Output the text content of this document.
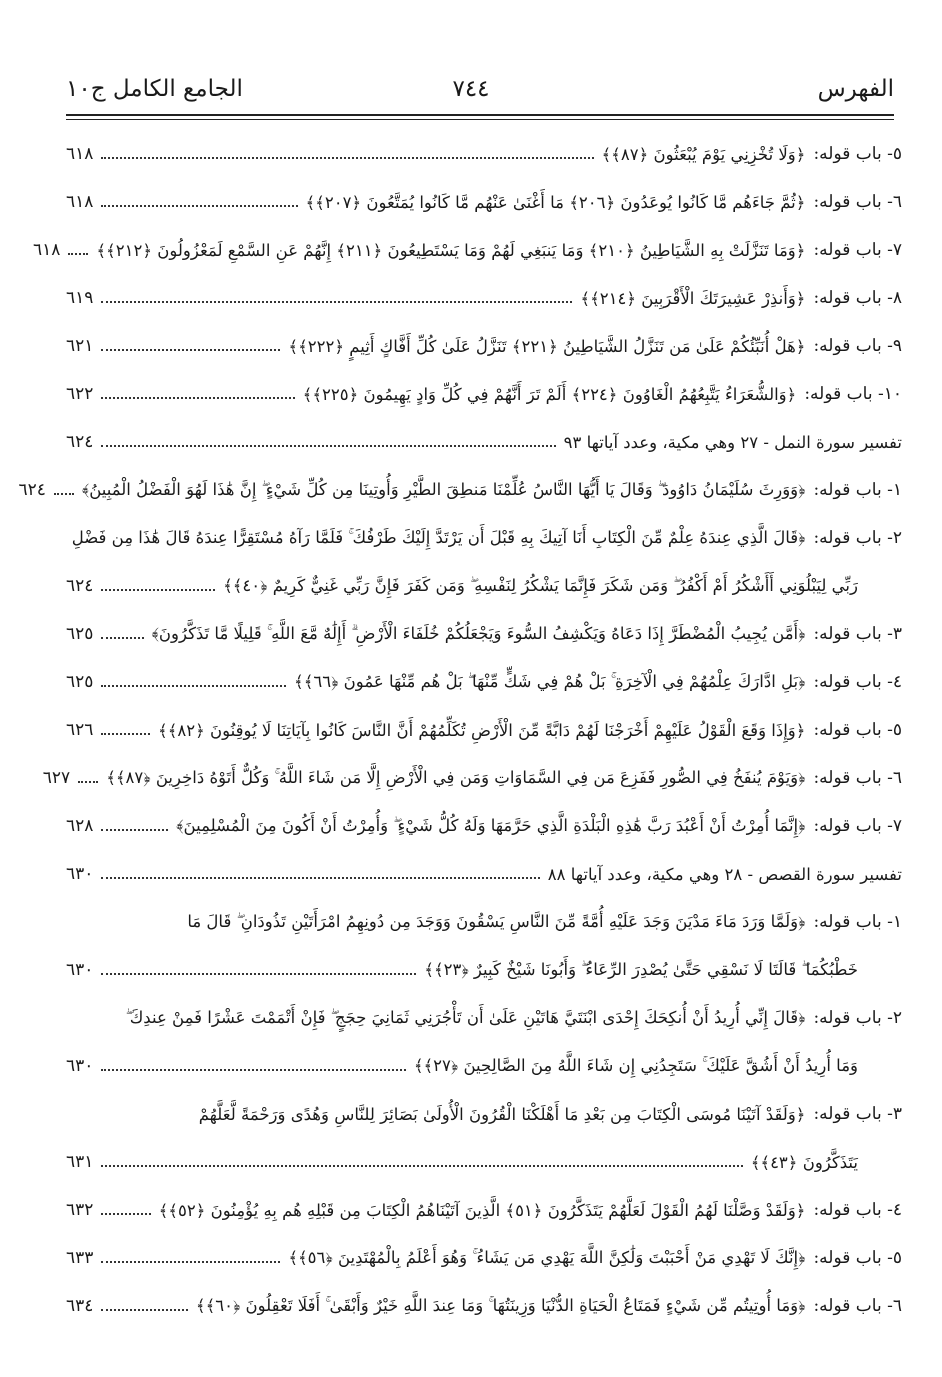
الفهرس
٧٤٤
الجامع الكامل ج١٠
٥- باب قوله:
﴿وَلَا تُخْزِنِي يَوْمَ يُبْعَثُونَ ﴿٨٧﴾﴾
٦١٨
٦- باب قوله:
﴿ثُمَّ جَاءَهُم مَّا كَانُوا يُوعَدُونَ ﴿٢٠٦﴾ مَا أَغْنَىٰ عَنْهُم مَّا كَانُوا يُمَتَّعُونَ ﴿٢٠٧﴾﴾
٦١٨
٧- باب قوله:
﴿وَمَا تَنَزَّلَتْ بِهِ الشَّيَاطِينُ ﴿٢١٠﴾ وَمَا يَنبَغِي لَهُمْ وَمَا يَسْتَطِيعُونَ ﴿٢١١﴾ إِنَّهُمْ عَنِ السَّمْعِ لَمَعْزُولُونَ ﴿٢١٢﴾﴾
٦١٨
٨- باب قوله:
﴿وَأَنذِرْ عَشِيرَتَكَ الْأَقْرَبِينَ ﴿٢١٤﴾﴾
٦١٩
٩- باب قوله:
﴿هَلْ أُنَبِّئُكُمْ عَلَىٰ مَن تَنَزَّلُ الشَّيَاطِينُ ﴿٢٢١﴾ تَنَزَّلُ عَلَىٰ كُلِّ أَفَّاكٍ أَثِيمٍ ﴿٢٢٢﴾﴾
٦٢١
١٠- باب قوله:
﴿وَالشُّعَرَاءُ يَتَّبِعُهُمُ الْغَاوُونَ ﴿٢٢٤﴾ أَلَمْ تَرَ أَنَّهُمْ فِي كُلِّ وَادٍ يَهِيمُونَ ﴿٢٢٥﴾﴾
٦٢٢
تفسير سورة النمل - ٢٧ وهي مكية، وعدد آياتها ٩٣
٦٢٤
١- باب قوله:
﴿وَوَرِثَ سُلَيْمَانُ دَاوُودَ ۖ وَقَالَ يَا أَيُّهَا النَّاسُ عُلِّمْنَا مَنطِقَ الطَّيْرِ وَأُوتِينَا مِن كُلِّ شَيْءٍ ۖ إِنَّ هَٰذَا لَهُوَ الْفَضْلُ الْمُبِينُ﴾
٦٢٤
٢- باب قوله:
﴿قَالَ الَّذِي عِندَهُ عِلْمٌ مِّنَ الْكِتَابِ أَنَا آتِيكَ بِهِ قَبْلَ أَن يَرْتَدَّ إِلَيْكَ طَرْفُكَ ۚ فَلَمَّا رَآهُ مُسْتَقِرًّا عِندَهُ قَالَ هَٰذَا مِن فَضْلِ
رَبِّي لِيَبْلُوَنِي أَأَشْكُرُ أَمْ أَكْفُرُ ۖ وَمَن شَكَرَ فَإِنَّمَا يَشْكُرُ لِنَفْسِهِ ۖ وَمَن كَفَرَ فَإِنَّ رَبِّي غَنِيٌّ كَرِيمٌ ﴿٤٠﴾﴾
٦٢٤
٣- باب قوله:
﴿أَمَّن يُجِيبُ الْمُضْطَرَّ إِذَا دَعَاهُ وَيَكْشِفُ السُّوءَ وَيَجْعَلُكُمْ خُلَفَاءَ الْأَرْضِ ۗ أَإِلَٰهٌ مَّعَ اللَّهِ ۚ قَلِيلًا مَّا تَذَكَّرُونَ﴾
٦٢٥
٤- باب قوله:
﴿بَلِ ادَّارَكَ عِلْمُهُمْ فِي الْآخِرَةِ ۚ بَلْ هُمْ فِي شَكٍّ مِّنْهَا ۖ بَلْ هُم مِّنْهَا عَمُونَ ﴿٦٦﴾﴾
٦٢٥
٥- باب قوله:
﴿وَإِذَا وَقَعَ الْقَوْلُ عَلَيْهِمْ أَخْرَجْنَا لَهُمْ دَابَّةً مِّنَ الْأَرْضِ تُكَلِّمُهُمْ أَنَّ النَّاسَ كَانُوا بِآيَاتِنَا لَا يُوقِنُونَ ﴿٨٢﴾﴾
٦٢٦
٦- باب قوله:
﴿وَيَوْمَ يُنفَخُ فِي الصُّورِ فَفَزِعَ مَن فِي السَّمَاوَاتِ وَمَن فِي الْأَرْضِ إِلَّا مَن شَاءَ اللَّهُ ۚ وَكُلٌّ أَتَوْهُ دَاخِرِينَ ﴿٨٧﴾﴾
٦٢٧
٧- باب قوله:
﴿إِنَّمَا أُمِرْتُ أَنْ أَعْبُدَ رَبَّ هَٰذِهِ الْبَلْدَةِ الَّذِي حَرَّمَهَا وَلَهُ كُلُّ شَيْءٍ ۖ وَأُمِرْتُ أَنْ أَكُونَ مِنَ الْمُسْلِمِينَ﴾
٦٢٨
تفسير سورة القصص - ٢٨ وهي مكية، وعدد آياتها ٨٨
٦٣٠
١- باب قوله:
﴿وَلَمَّا وَرَدَ مَاءَ مَدْيَنَ وَجَدَ عَلَيْهِ أُمَّةً مِّنَ النَّاسِ يَسْقُونَ وَوَجَدَ مِن دُونِهِمُ امْرَأَتَيْنِ تَذُودَانِ ۖ قَالَ مَا
خَطْبُكُمَا ۖ قَالَتَا لَا نَسْقِي حَتَّىٰ يُصْدِرَ الرِّعَاءُ ۖ وَأَبُونَا شَيْخٌ كَبِيرٌ ﴿٢٣﴾﴾
٦٣٠
٢- باب قوله:
﴿قَالَ إِنِّي أُرِيدُ أَنْ أُنكِحَكَ إِحْدَى ابْنَتَيَّ هَاتَيْنِ عَلَىٰ أَن تَأْجُرَنِي ثَمَانِيَ حِجَجٍ ۖ فَإِنْ أَتْمَمْتَ عَشْرًا فَمِنْ عِندِكَ ۖ
وَمَا أُرِيدُ أَنْ أَشُقَّ عَلَيْكَ ۚ سَتَجِدُنِي إِن شَاءَ اللَّهُ مِنَ الصَّالِحِينَ ﴿٢٧﴾﴾
٦٣٠
٣- باب قوله:
﴿وَلَقَدْ آتَيْنَا مُوسَى الْكِتَابَ مِن بَعْدِ مَا أَهْلَكْنَا الْقُرُونَ الْأُولَىٰ بَصَائِرَ لِلنَّاسِ وَهُدًى وَرَحْمَةً لَّعَلَّهُمْ
يَتَذَكَّرُونَ ﴿٤٣﴾﴾
٦٣١
٤- باب قوله:
﴿وَلَقَدْ وَصَّلْنَا لَهُمُ الْقَوْلَ لَعَلَّهُمْ يَتَذَكَّرُونَ ﴿٥١﴾ الَّذِينَ آتَيْنَاهُمُ الْكِتَابَ مِن قَبْلِهِ هُم بِهِ يُؤْمِنُونَ ﴿٥٢﴾﴾
٦٣٢
٥- باب قوله:
﴿إِنَّكَ لَا تَهْدِي مَنْ أَحْبَبْتَ وَلَٰكِنَّ اللَّهَ يَهْدِي مَن يَشَاءُ ۚ وَهُوَ أَعْلَمُ بِالْمُهْتَدِينَ ﴿٥٦﴾﴾
٦٣٣
٦- باب قوله:
﴿وَمَا أُوتِيتُم مِّن شَيْءٍ فَمَتَاعُ الْحَيَاةِ الدُّنْيَا وَزِينَتُهَا ۚ وَمَا عِندَ اللَّهِ خَيْرٌ وَأَبْقَىٰ ۚ أَفَلَا تَعْقِلُونَ ﴿٦٠﴾﴾
٦٣٤
